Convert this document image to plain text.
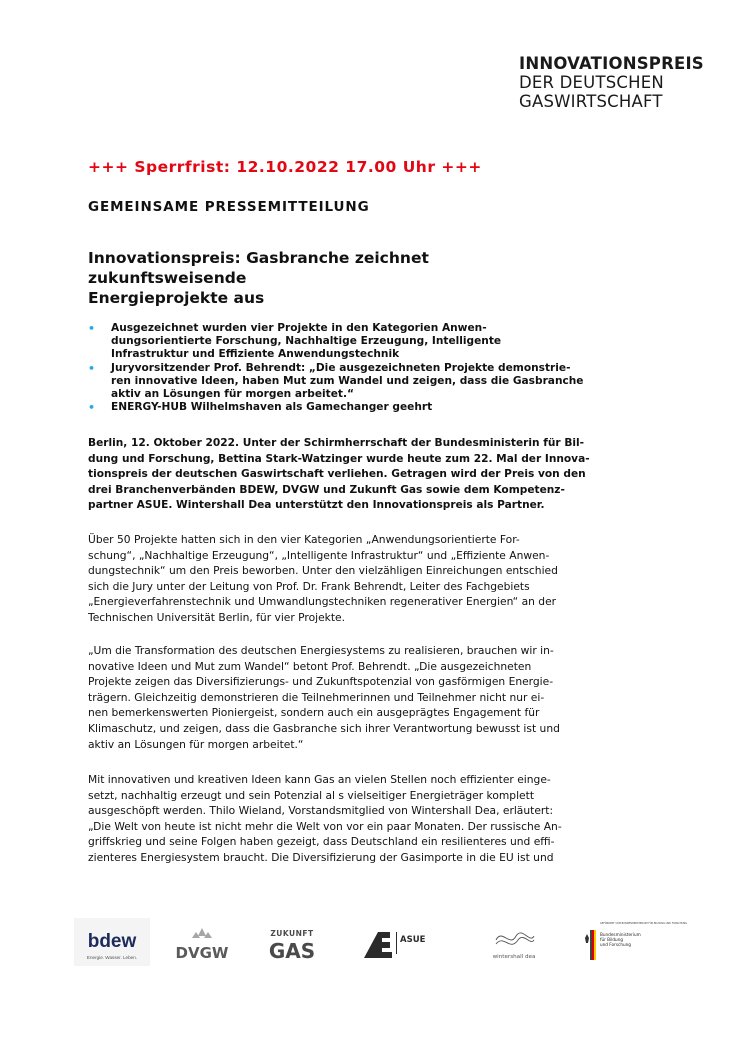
INNOVATIONSPREIS
DER DEUTSCHEN
GASWIRTSCHAFT
+++ Sperrfrist: 12.10.2022 17.00 Uhr +++
GEMEINSAME PRESSEMITTEILUNG
Innovationspreis: Gasbranche zeichnet zukunftsweisende
Energieprojekte aus
• Ausgezeichnet wurden vier Projekte in den Kategorien Anwen-
dungsorientierte Forschung, Nachhaltige Erzeugung, Intelligente
Infrastruktur und Effiziente Anwendungstechnik
• Juryvorsitzender Prof. Behrendt: „Die ausgezeichneten Projekte demonstrie-
ren innovative Ideen, haben Mut zum Wandel und zeigen, dass die Gasbranche
aktiv an Lösungen für morgen arbeitet.“
• ENERGY-HUB Wilhelmshaven als Gamechanger geehrt
Berlin, 12. Oktober 2022. Unter der Schirmherrschaft der Bundesministerin für Bil-
dung und Forschung, Bettina Stark-Watzinger wurde heute zum 22. Mal der Innova-
tionspreis der deutschen Gaswirtschaft verliehen. Getragen wird der Preis von den
drei Branchenverbänden BDEW, DVGW und Zukunft Gas sowie dem Kompetenz-
partner ASUE. Wintershall Dea unterstützt den Innovationspreis als Partner.
Über 50 Projekte hatten sich in den vier Kategorien „Anwendungsorientierte For-
schung“, „Nachhaltige Erzeugung“, „Intelligente Infrastruktur“ und „Effiziente Anwen-
dungstechnik“ um den Preis beworben. Unter den vielzähligen Einreichungen entschied
sich die Jury unter der Leitung von Prof. Dr. Frank Behrendt, Leiter des Fachgebiets
„Energieverfahrenstechnik und Umwandlungstechniken regenerativer Energien“ an der
Technischen Universität Berlin, für vier Projekte.
„Um die Transformation des deutschen Energiesystems zu realisieren, brauchen wir in-
novative Ideen und Mut zum Wandel“ betont Prof. Behrendt. „Die ausgezeichneten
Projekte zeigen das Diversifizierungs- und Zukunftspotenzial von gasförmigen Energie-
trägern. Gleichzeitig demonstrieren die Teilnehmerinnen und Teilnehmer nicht nur ei-
nen bemerkenswerten Pioniergeist, sondern auch ein ausgeprägtes Engagement für
Klimaschutz, und zeigen, dass die Gasbranche sich ihrer Verantwortung bewusst ist und
aktiv an Lösungen für morgen arbeitet.“
Mit innovativen und kreativen Ideen kann Gas an vielen Stellen noch effizienter einge-
setzt, nachhaltig erzeugt und sein Potenzial al s vielseitiger Energieträger komplett
ausgeschöpft werden. Thilo Wieland, Vorstandsmitglied von Wintershall Dea, erläutert:
„Die Welt von heute ist nicht mehr die Welt von vor ein paar Monaten. Der russische An-
griffskrieg und seine Folgen haben gezeigt, dass Deutschland ein resilienteres und effi-
zienteres Energiesystem braucht. Die Diversifizierung der Gasimporte in die EU ist und
bdew
Energie. Wasser. Leben.	DVGW
ZUKUNFT
GAS	ASUE
wintershall dea
GEFÖRDERT VOM BUNDESMINISTERIUM FÜR BILDUNG UND FORSCHUNG
Bundesministerium
für Bildung
und Forschung
